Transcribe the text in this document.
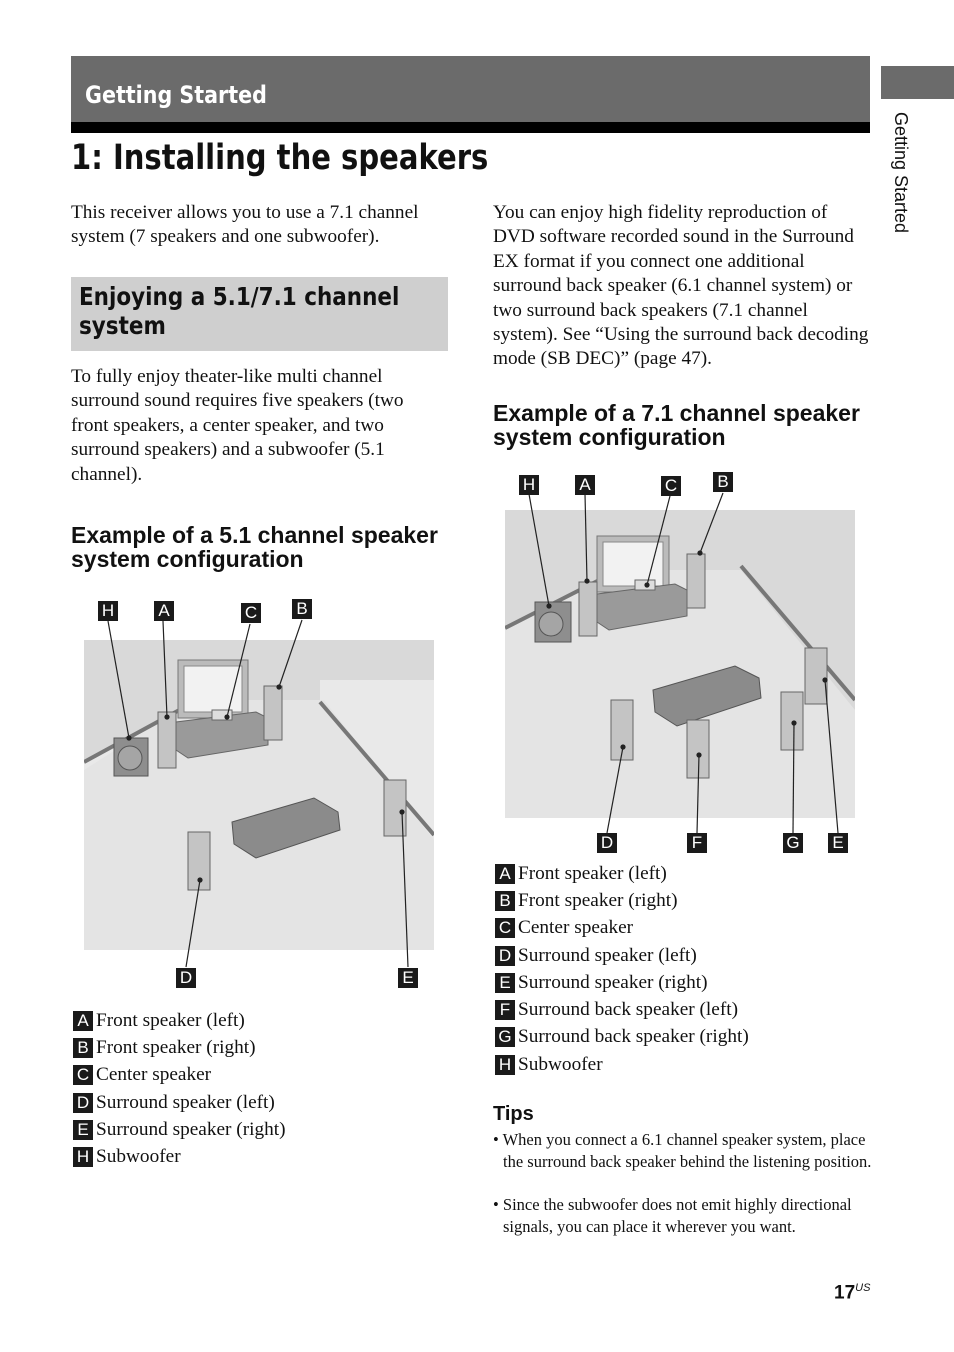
Getting Started
Getting Started
1: Installing the speakers
This receiver allows you to use a 7.1 channel system (7 speakers and one subwoofer).
Enjoying a 5.1/7.1 channel system
To fully enjoy theater-like multi channel surround sound requires five speakers (two front speakers, a center speaker, and two surround speakers) and a subwoofer (5.1 channel).
Example of a 5.1 channel speaker system configuration
H	A	C B
D	E
A Front speaker (left)
B Front speaker (right)
C Center speaker
D Surround speaker (left)
E Surround speaker (right)
H Subwoofer
You can enjoy high fidelity reproduction of DVD software recorded sound in the Surround EX format if you connect one additional surround back speaker (6.1 channel system) or two surround back speakers (7.1 channel system). See “Using the surround back decoding mode (SB DEC)” (page 47).
Example of a 7.1 channel speaker system configuration
H	A	C B
D	F	G E
A Front speaker (left)
B Front speaker (right)
C Center speaker
D Surround speaker (left)
E Surround speaker (right)
F Surround back speaker (left)
G Surround back speaker (right)
H Subwoofer
Tips
• When you connect a 6.1 channel speaker system, place the surround back speaker behind the listening position.
• Since the subwoofer does not emit highly directional signals, you can place it wherever you want.
$17^{US}$
